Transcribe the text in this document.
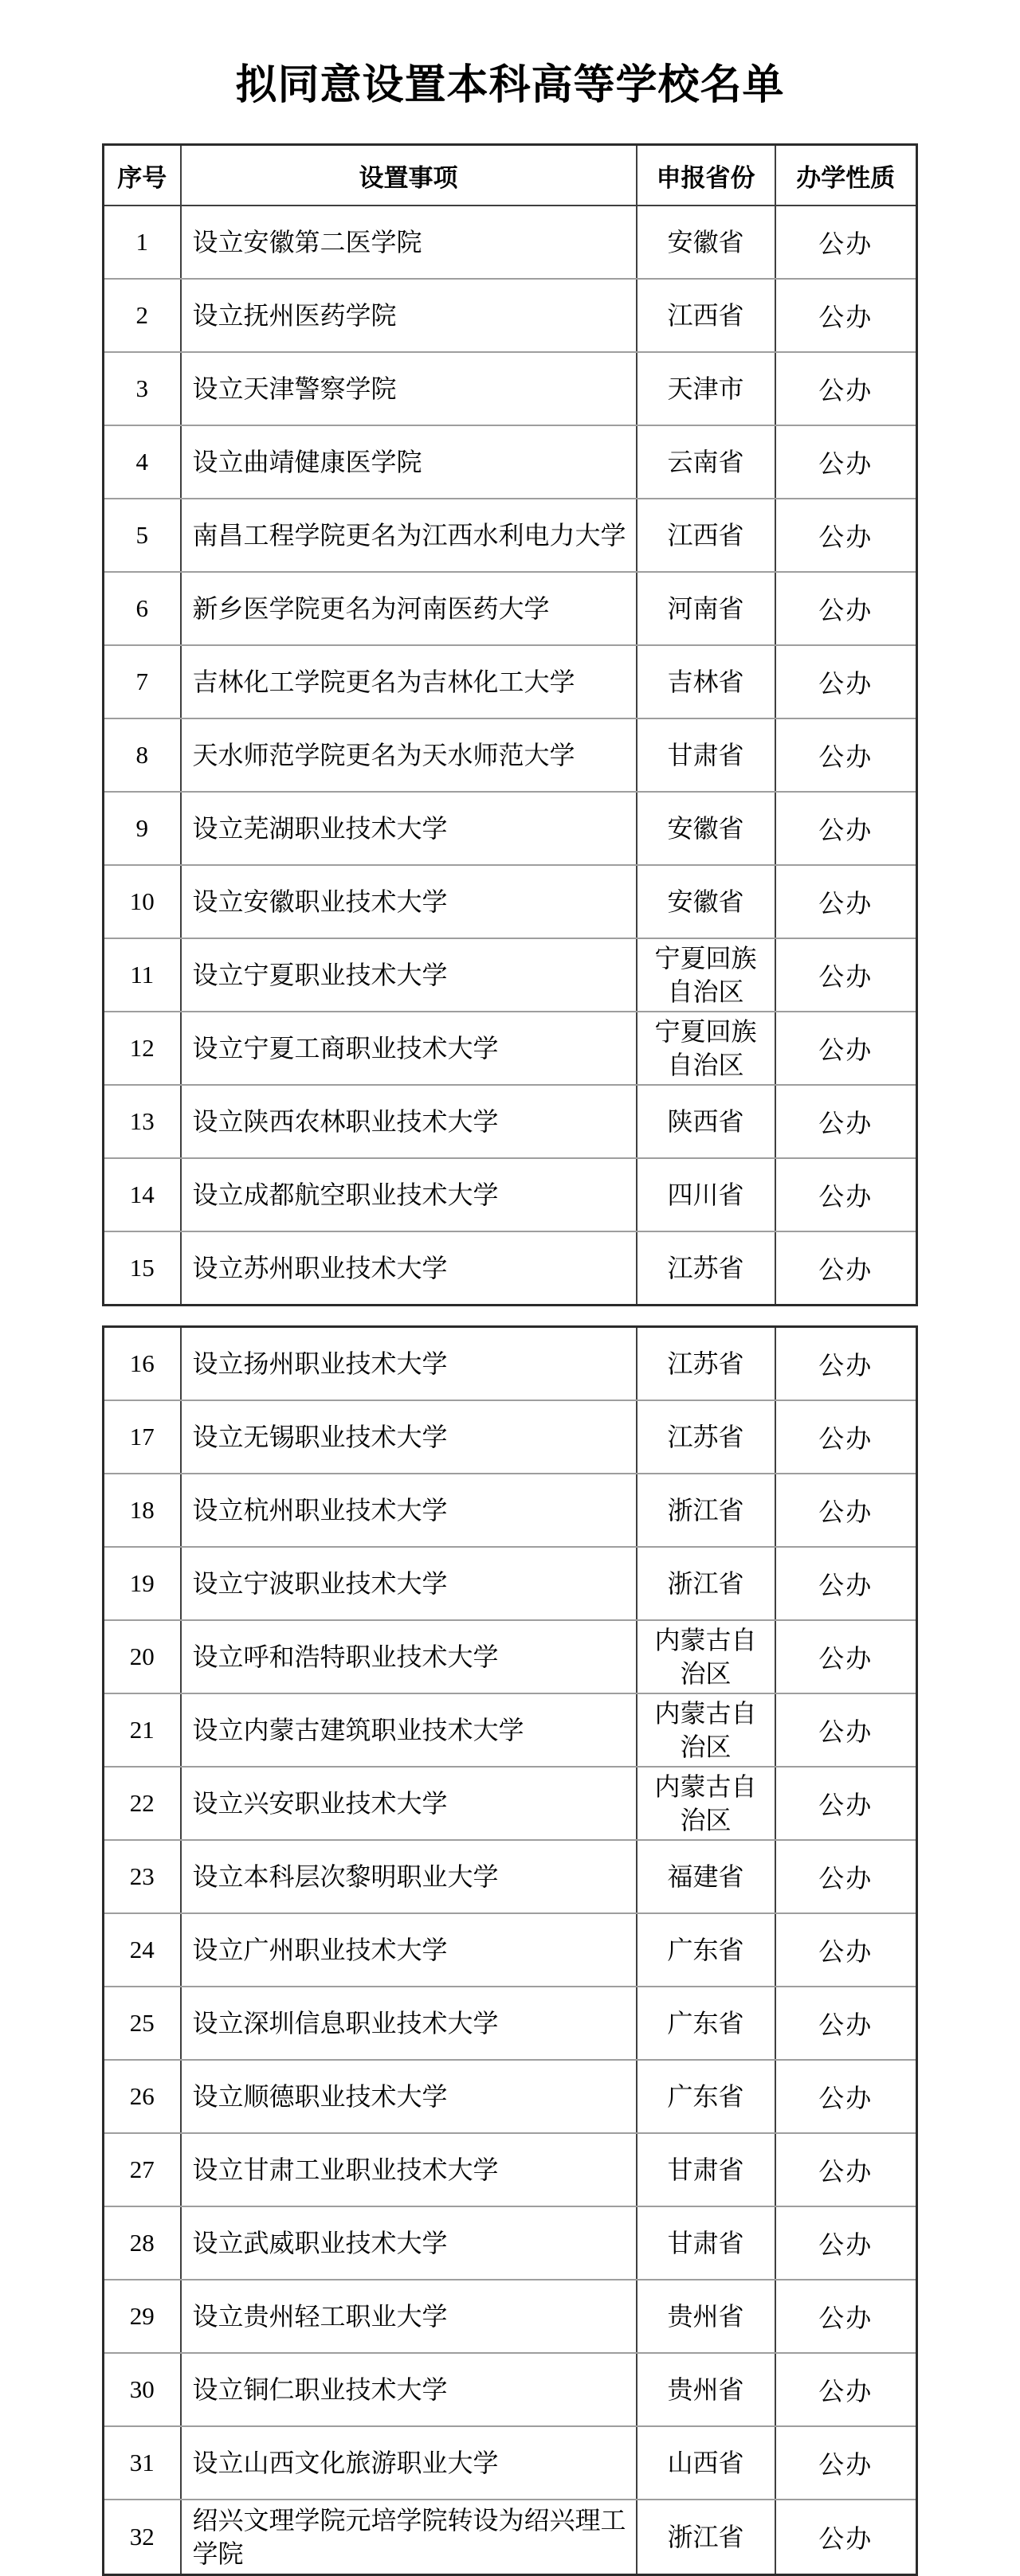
拟同意设置本科高等学校名单
序号	设置事项	申报省份	办学性质
1	设立安徽第二医学院	安徽省	公办
2	设立抚州医药学院	江西省	公办
3	设立天津警察学院	天津市	公办
4	设立曲靖健康医学院	云南省	公办
5	南昌工程学院更名为江西水利电力大学	江西省	公办
6	新乡医学院更名为河南医药大学	河南省	公办
7	吉林化工学院更名为吉林化工大学	吉林省	公办
8	天水师范学院更名为天水师范大学	甘肃省	公办
9	设立芜湖职业技术大学	安徽省	公办
10	设立安徽职业技术大学	安徽省	公办
11	设立宁夏职业技术大学	宁夏回族自治区	公办
12	设立宁夏工商职业技术大学	宁夏回族自治区	公办
13	设立陕西农林职业技术大学	陕西省	公办
14	设立成都航空职业技术大学	四川省	公办
15	设立苏州职业技术大学	江苏省	公办
16	设立扬州职业技术大学	江苏省	公办
17	设立无锡职业技术大学	江苏省	公办
18	设立杭州职业技术大学	浙江省	公办
19	设立宁波职业技术大学	浙江省	公办
20	设立呼和浩特职业技术大学	内蒙古自治区	公办
21	设立内蒙古建筑职业技术大学	内蒙古自治区	公办
22	设立兴安职业技术大学	内蒙古自治区	公办
23	设立本科层次黎明职业大学	福建省	公办
24	设立广州职业技术大学	广东省	公办
25	设立深圳信息职业技术大学	广东省	公办
26	设立顺德职业技术大学	广东省	公办
27	设立甘肃工业职业技术大学	甘肃省	公办
28	设立武威职业技术大学	甘肃省	公办
29	设立贵州轻工职业大学	贵州省	公办
30	设立铜仁职业技术大学	贵州省	公办
31	设立山西文化旅游职业大学	山西省	公办
32	绍兴文理学院元培学院转设为绍兴理工学院	浙江省	公办
